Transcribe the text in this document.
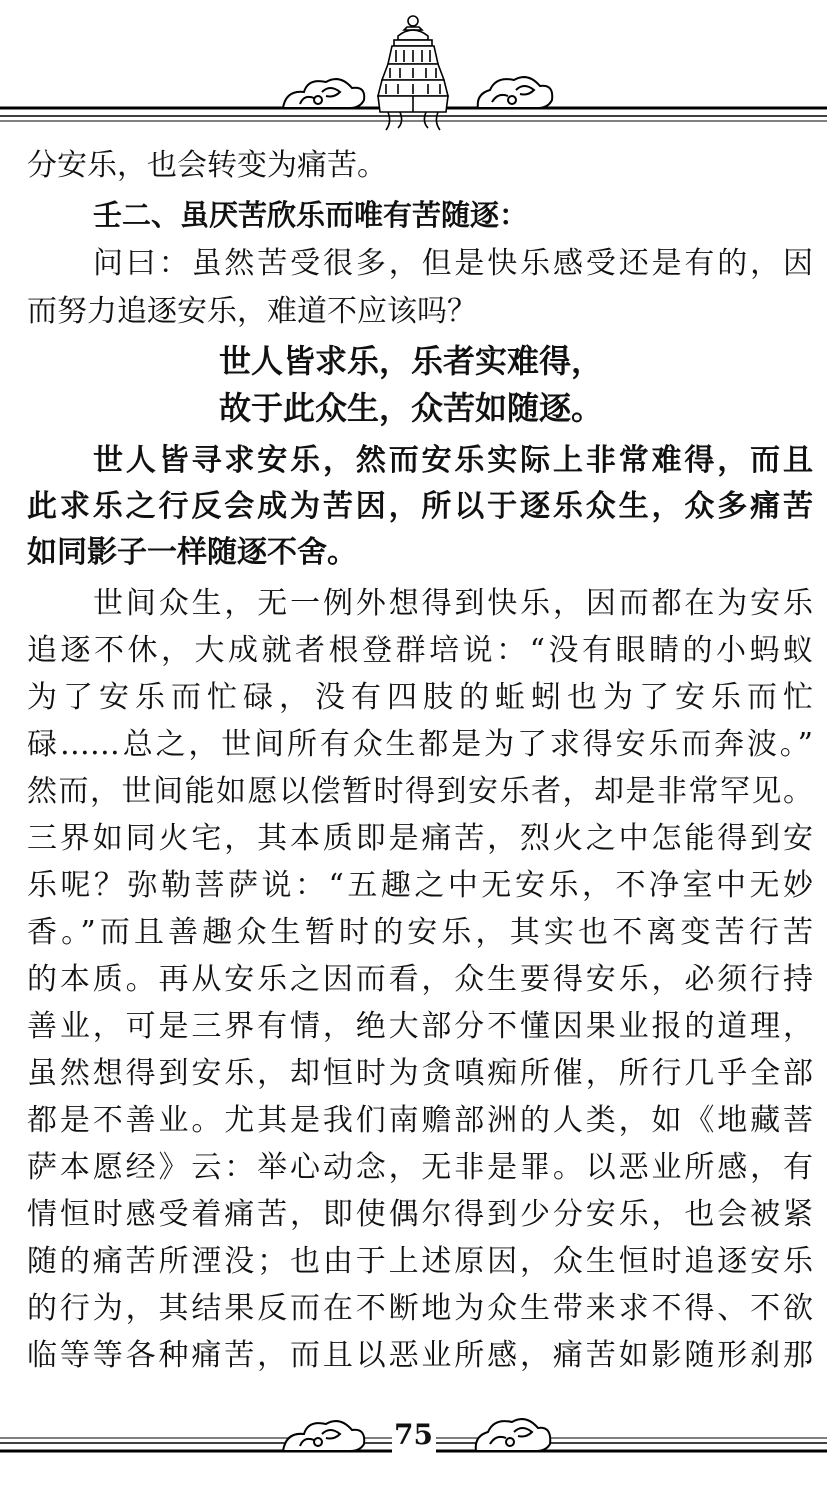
分安乐，也会转变为痛苦。
壬二、虽厌苦欣乐而唯有苦随逐：
问曰：虽然苦受很多，但是快乐感受还是有的，因
而努力追逐安乐，难道不应该吗？
世人皆求乐，乐者实难得，
故于此众生，众苦如随逐。
世人皆寻求安乐，然而安乐实际上非常难得，而且
此求乐之行反会成为苦因，所以于逐乐众生，众多痛苦
如同影子一样随逐不舍。
世间众生，无一例外想得到快乐，因而都在为安乐
追逐不休，大成就者根登群培说：“没有眼睛的小蚂蚁
为了安乐而忙碌，没有四肢的蚯蚓也为了安乐而忙
碌……总之，世间所有众生都是为了求得安乐而奔波。”
然而，世间能如愿以偿暂时得到安乐者，却是非常罕见。
三界如同火宅，其本质即是痛苦，烈火之中怎能得到安
乐呢？弥勒菩萨说：“五趣之中无安乐，不净室中无妙
香。”而且善趣众生暂时的安乐，其实也不离变苦行苦
的本质。再从安乐之因而看，众生要得安乐，必须行持
善业，可是三界有情，绝大部分不懂因果业报的道理，
虽然想得到安乐，却恒时为贪嗔痴所催，所行几乎全部
都是不善业。尤其是我们南赡部洲的人类，如《地藏菩
萨本愿经》云：举心动念，无非是罪。以恶业所感，有
情恒时感受着痛苦，即使偶尔得到少分安乐，也会被紧
随的痛苦所湮没；也由于上述原因，众生恒时追逐安乐
的行为，其结果反而在不断地为众生带来求不得、不欲
临等等各种痛苦，而且以恶业所感，痛苦如影随形刹那
75
